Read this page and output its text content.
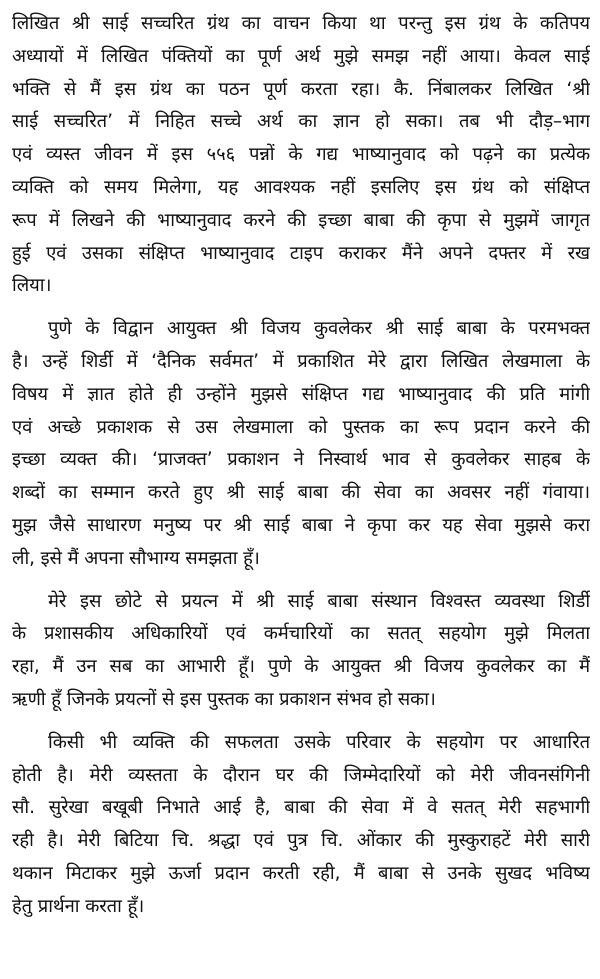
लिखित श्री साई सच्चरित ग्रंथ का वाचन किया था परन्तु इस ग्रंथ के कतिपय
अध्यायों में लिखित पंक्तियों का पूर्ण अर्थ मुझे समझ नहीं आया। केवल साई
भक्ति से मैं इस ग्रंथ का पठन पूर्ण करता रहा। कै. निंबालकर लिखित ‘श्री
साई सच्चरित’ में निहित सच्चे अर्थ का ज्ञान हो सका। तब भी दौड़–भाग
एवं व्यस्त जीवन में इस ५५६ पन्नों के गद्य भाष्यानुवाद को पढ़ने का प्रत्येक
व्यक्ति को समय मिलेगा, यह आवश्यक नहीं इसलिए इस ग्रंथ को संक्षिप्त
रूप में लिखने की भाष्यानुवाद करने की इच्छा बाबा की कृपा से मुझमें जागृत
हुई एवं उसका संक्षिप्त भाष्यानुवाद टाइप कराकर मैंने अपने दफ्तर में रख
लिया।
पुणे के विद्वान आयुक्त श्री विजय कुवलेकर श्री साई बाबा के परमभक्त
है। उन्हें शिर्डी में ‘दैनिक सर्वमत’ में प्रकाशित मेरे द्वारा लिखित लेखमाला के
विषय में ज्ञात होते ही उन्होंने मुझसे संक्षिप्त गद्य भाष्यानुवाद की प्रति मांगी
एवं अच्छे प्रकाशक से उस लेखमाला को पुस्तक का रूप प्रदान करने की
इच्छा व्यक्त की। ‘प्राजक्त’ प्रकाशन ने निस्वार्थ भाव से कुवलेकर साहब के
शब्दों का सम्मान करते हुए श्री साई बाबा की सेवा का अवसर नहीं गंवाया।
मुझ जैसे साधारण मनुष्य पर श्री साई बाबा ने कृपा कर यह सेवा मुझसे करा
ली, इसे मैं अपना सौभाग्य समझता हूँ।
मेरे इस छोटे से प्रयत्न में श्री साई बाबा संस्थान विश्वस्त व्यवस्था शिर्डी
के प्रशासकीय अधिकारियों एवं कर्मचारियों का सतत् सहयोग मुझे मिलता
रहा, मैं उन सब का आभारी हूँ। पुणे के आयुक्त श्री विजय कुवलेकर का मैं
ऋणी हूँ जिनके प्रयत्नों से इस पुस्तक का प्रकाशन संभव हो सका।
किसी भी व्यक्ति की सफलता उसके परिवार के सहयोग पर आधारित
होती है। मेरी व्यस्तता के दौरान घर की जिम्मेदारियों को मेरी जीवनसंगिनी
सौ. सुरेखा बखूबी निभाते आई है, बाबा की सेवा में वे सतत् मेरी सहभागी
रही है। मेरी बिटिया चि. श्रद्धा एवं पुत्र चि. ओंकार की मुस्कुराहटें मेरी सारी
थकान मिटाकर मुझे ऊर्जा प्रदान करती रही, मैं बाबा से उनके सुखद भविष्य
हेतु प्रार्थना करता हूँ।
